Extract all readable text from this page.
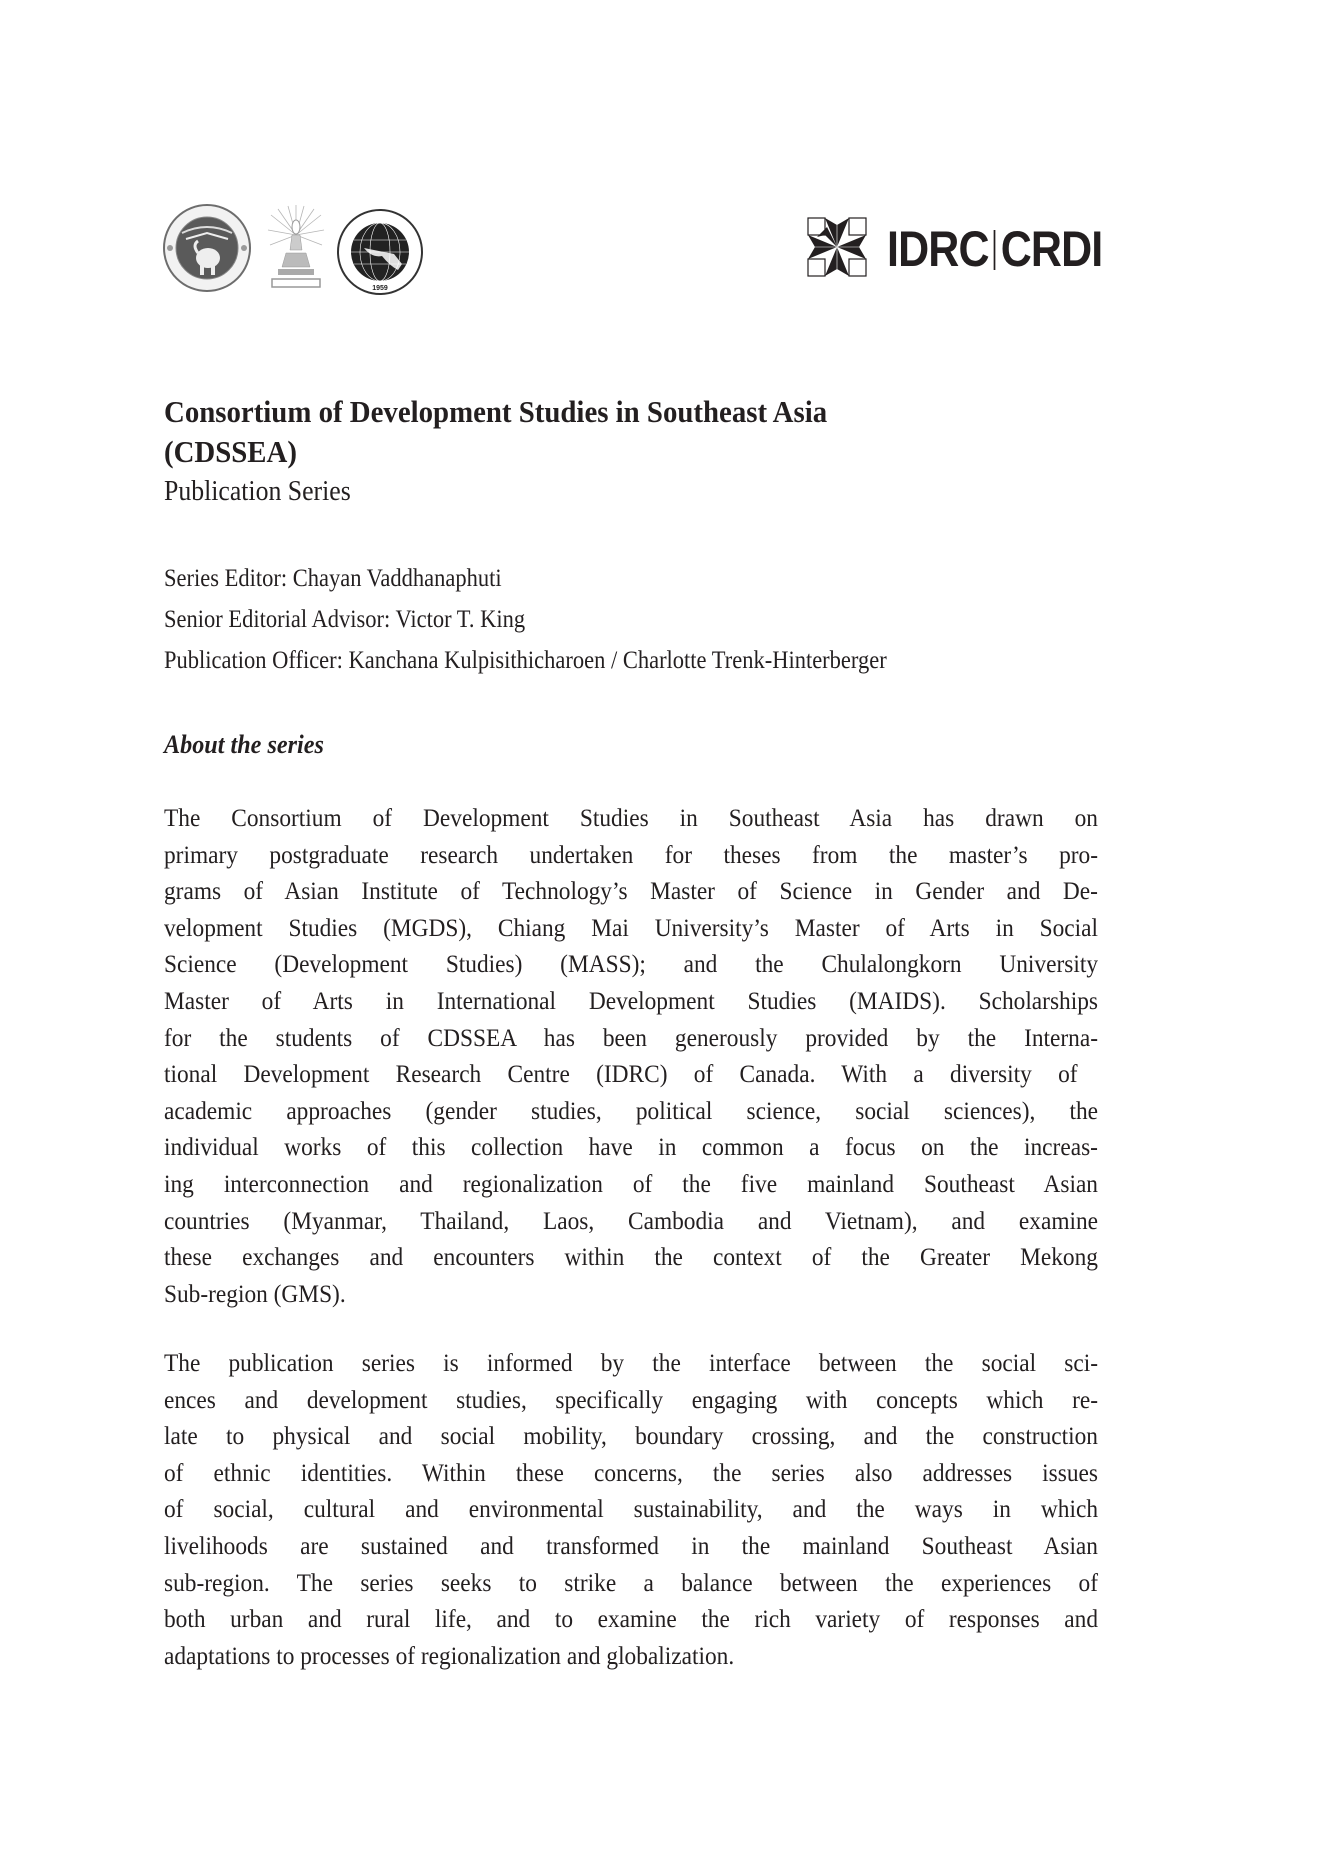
1959
IDRC CRDI

Consortium of Development Studies in Southeast Asia

(CDSSEA)

Publication Series

Series Editor: Chayan Vaddhanaphuti

Senior Editorial Advisor: Victor T. King

Publication Officer: Kanchana Kulpisithicharoen / Charlotte Trenk-Hinterberger

About the series

The Consortium of Development Studies in Southeast Asia has drawn on
primary postgraduate research undertaken for theses from the master’s pro-
grams of Asian Institute of Technology’s Master of Science in Gender and De-
velopment Studies (MGDS), Chiang Mai University’s Master of Arts in Social
Science (Development Studies) (MASS); and the Chulalongkorn University
Master of Arts in International Development Studies (MAIDS). Scholarships
for the students of CDSSEA has been generously provided by the Interna-
tional Development Research Centre (IDRC) of Canada. With a diversity of
academic approaches (gender studies, political science, social sciences), the
individual works of this collection have in common a focus on the increas-
ing interconnection and regionalization of the five mainland Southeast Asian
countries (Myanmar, Thailand, Laos, Cambodia and Vietnam), and examine
these exchanges and encounters within the context of the Greater Mekong
Sub-region (GMS).
The publication series is informed by the interface between the social sci-
ences and development studies, specifically engaging with concepts which re-
late to physical and social mobility, boundary crossing, and the construction
of ethnic identities. Within these concerns, the series also addresses issues
of social, cultural and environmental sustainability, and the ways in which
livelihoods are sustained and transformed in the mainland Southeast Asian
sub-region. The series seeks to strike a balance between the experiences of
both urban and rural life, and to examine the rich variety of responses and
adaptations to processes of regionalization and globalization.
